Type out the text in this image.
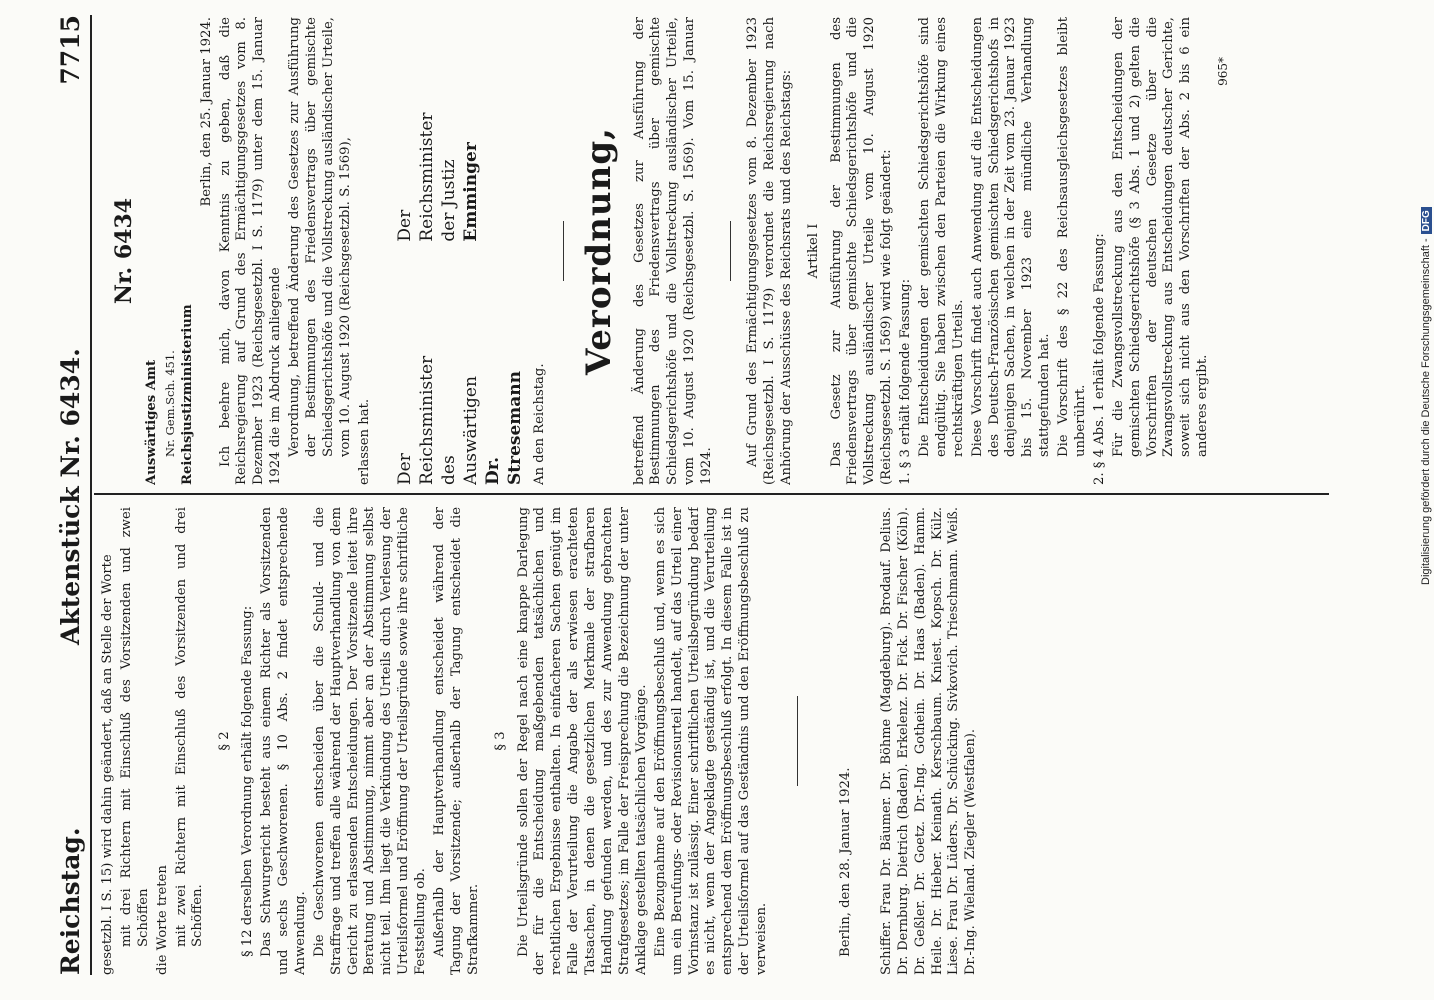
Reichstag.
Aktenstück Nr. 6434.
7715

gesetzbl. I S. 15) wird dahin geändert, daß an Stelle der Worte mit drei Richtern mit Einschluß des Vorsitzenden und zwei Schöffen die Worte treten mit zwei Richtern mit Einschluß des Vorsitzenden und drei Schöffen.

§ 2 § 12 derselben Verordnung erhält folgende Fassung: Das Schwurgericht besteht aus einem Richter als Vorsitzenden und sechs Geschworenen. § 10 Abs. 2 findet entsprechende Anwendung. Die Geschworenen entscheiden über die Schuld- und die Straffrage und treffen alle während der Hauptverhandlung von dem Gericht zu erlassenden Entscheidungen. Der Vorsitzende leitet ihre Beratung und Abstimmung, nimmt aber an der Abstimmung selbst nicht teil. Ihm liegt die Verkündung des Urteils durch Verlesung der Urteilsformel und Eröffnung der Urteilsgründe sowie ihre schriftliche Feststellung ob. Außerhalb der Hauptverhandlung entscheidet während der Tagung der Vorsitzende; außerhalb der Tagung entscheidet die Strafkammer.

§ 3 Die Urteilsgründe sollen der Regel nach eine knappe Darlegung der für die Entscheidung maßgebenden tatsächlichen und rechtlichen Ergebnisse enthalten. In einfacheren Sachen genügt im Falle der Verurteilung die Angabe der als erwiesen erachteten Tatsachen, in denen die gesetzlichen Merkmale der strafbaren Handlung gefunden werden, und des zur Anwendung gebrachten Strafgesetzes; im Falle der Freisprechung die Bezeichnung der unter Anklage gestellten tatsächlichen Vorgänge. Eine Bezugnahme auf den Eröffnungsbeschluß und, wenn es sich um ein Berufungs- oder Revisionsurteil handelt, auf das Urteil einer Vorinstanz ist zulässig. Einer schriftlichen Urteilsbegründung bedarf es nicht, wenn der Angeklagte geständig ist, und die Verurteilung entsprechend dem Eröffnungsbeschluß erfolgt. In diesem Falle ist in der Urteilsformel auf das Geständnis und den Eröffnungsbeschluß zu verweisen.	Berlin, den 28. Januar 1924. Schiffer. Frau Dr. Bäumer. Dr. Böhme (Magdeburg). Brodauf. Delius. Dr. Dernburg. Dietrich (Baden). Erkelenz. Dr. Fick. Dr. Fischer (Köln). Dr. Geßler. Dr. Goetz. Dr.-Ing. Gothein. Dr. Haas (Baden). Hamm. Heile. Dr. Hieber. Keinath. Kerschbaum. Kniest. Kopsch. Dr. Külz. Liese. Frau Dr. Lüders. Dr. Schücking. Sivkovich. Trieschmann. Weiß. Dr.-Ing. Wieland. Ziegler (Westfalen).

Nr. 6434

Auswärtiges Amt Nr. Gem.Sch. 451. Reichsjustizministerium

Berlin, den 25. Januar 1924. Ich beehre mich, davon Kenntnis zu geben, daß die Reichsregierung auf Grund des Ermächtigungsgesetzes vom 8. Dezember 1923 (Reichsgesetzbl. I S. 1179) unter dem 15. Januar 1924 die im Abdruck anliegende Verordnung, betreffend Änderung des Gesetzes zur Ausführung der Bestimmungen des Friedensvertrags über gemischte Schiedsgerichtshöfe und die Vollstreckung ausländischer Urteile, vom 10. August 1920 (Reichsgesetzbl. S. 1569), erlassen hat. Der Reichsminister des Auswärtigen Dr. Stresemann
Der Reichsminister der Justiz Emminger

An den Reichstag.

Verordnung, betreffend Änderung des Gesetzes zur Ausführung der Bestimmungen des Friedensvertrags über gemischte Schiedsgerichtshöfe und die Vollstreckung ausländischer Urteile, vom 10. August 1920 (Reichsgesetzbl. S. 1569). Vom 15. Januar 1924. Auf Grund des Ermächtigungsgesetzes vom 8. Dezember 1923 (Reichsgesetzbl. I S. 1179) verordnet die Reichsregierung nach Anhörung der Ausschüsse des Reichsrats und des Reichstags: Artikel I Das Gesetz zur Ausführung der Bestimmungen des Friedensvertrags über gemischte Schiedsgerichtshöfe und die Vollstreckung ausländischer Urteile vom 10. August 1920 (Reichsgesetzbl. S. 1569) wird wie folgt geändert: 1. § 3 erhält folgende Fassung: Die Entscheidungen der gemischten Schiedsgerichtshöfe sind endgültig. Sie haben zwischen den Parteien die Wirkung eines rechtskräftigen Urteils. Diese Vorschrift findet auch Anwendung auf die Entscheidungen des Deutsch-Französischen gemischten Schiedsgerichtshofs in denjenigen Sachen, in welchen in der Zeit vom 23. Januar 1923 bis 15. November 1923 eine mündliche Verhandlung stattgefunden hat. Die Vorschrift des § 22 des Reichsausgleichsgesetzes bleibt unberührt. 2. § 4 Abs. 1 erhält folgende Fassung: Für die Zwangsvollstreckung aus den Entscheidungen der gemischten Schiedsgerichtshöfe (§ 3 Abs. 1 und 2) gelten die Vorschriften der deutschen Gesetze über die Zwangsvollstreckung aus Entscheidungen deutscher Gerichte, soweit sich nicht aus den Vorschriften der Abs. 2 bis 6 ein anderes ergibt.

965*

Digitalisierung gefördert durch die Deutsche Forschungsgemeinschaft -DFG
